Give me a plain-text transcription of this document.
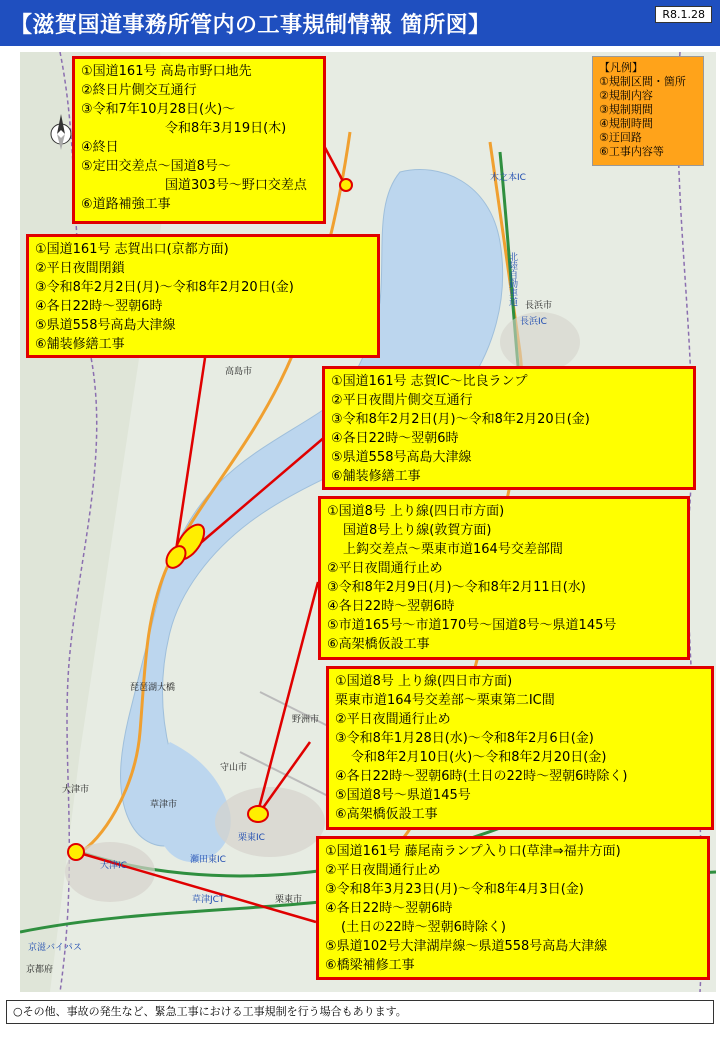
【滋賀国道事務所管内の工事規制情報 箇所図】	R8.1.28
高島市
長浜市
野洲市
守山市
草津市
大津市
栗東市
琵琶湖大橋
京都府
栗東IC
大津IC
瀬田東IC
草津JCT
北陸自動車道
長浜IC
木之本IC
京滋バイパス
①国道161号 高島市野口地先
②終日片側交互通行
③令和7年10月28日(火)～
令和8年3月19日(木)
④終日
⑤定田交差点～国道8号～
国道303号～野口交差点
⑥道路補強工事
【凡例】
①規制区間・箇所
②規制内容
③規制期間
④規制時間
⑤迂回路
⑥工事内容等
①国道161号 志賀出口(京都方面)
②平日夜間閉鎖
③令和8年2月2日(月)～令和8年2月20日(金)
④各日22時～翌朝6時
⑤県道558号高島大津線
⑥舗装修繕工事
①国道161号 志賀IC～比良ランプ
②平日夜間片側交互通行
③令和8年2月2日(月)～令和8年2月20日(金)
④各日22時～翌朝6時
⑤県道558号高島大津線
⑥舗装修繕工事
①国道8号 上り線(四日市方面)
国道8号上り線(敦賀方面)
上鈎交差点～栗東市道164号交差部間
②平日夜間通行止め
③令和8年2月9日(月)～令和8年2月11日(水)
④各日22時～翌朝6時
⑤市道165号～市道170号～国道8号～県道145号
⑥高架橋仮設工事
①国道8号 上り線(四日市方面)
栗東市道164号交差部～栗東第二IC間
②平日夜間通行止め
③令和8年1月28日(水)～令和8年2月6日(金)
令和8年2月10日(火)～令和8年2月20日(金)
④各日22時～翌朝6時(土日の22時～翌朝6時除く)
⑤国道8号～県道145号
⑥高架橋仮設工事
①国道161号 藤尾南ランプ入り口(草津⇒福井方面)
②平日夜間通行止め
③令和8年3月23日(月)～令和8年4月3日(金)
④各日22時～翌朝6時
(土日の22時～翌朝6時除く)
⑤県道102号大津湖岸線～県道558号高島大津線
⑥橋梁補修工事
○その他、事故の発生など、緊急工事における工事規制を行う場合もあります。
